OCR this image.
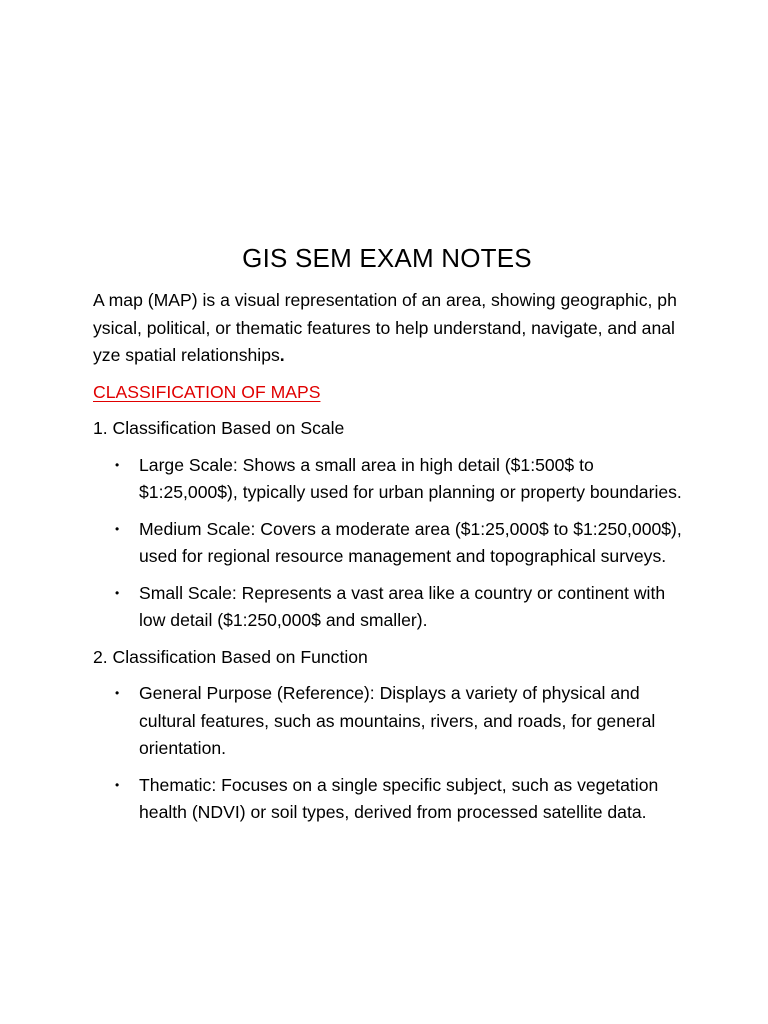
GIS SEM EXAM NOTES

A map (MAP) is a visual representation of an area, showing geographic, physical, political, or thematic features to help understand, navigate, and analyze spatial relationships.

CLASSIFICATION OF MAPS

1. Classification Based on Scale

• Large Scale: Shows a small area in high detail ($1:500$ to $1:25,000$), typically used for urban planning or property boundaries.
• Medium Scale: Covers a moderate area ($1:25,000$ to $1:250,000$), used for regional resource management and topographical surveys.
• Small Scale: Represents a vast area like a country or continent with low detail ($1:250,000$ and smaller).

2. Classification Based on Function

• General Purpose (Reference): Displays a variety of physical and cultural features, such as mountains, rivers, and roads, for general orientation.
• Thematic: Focuses on a single specific subject, such as vegetation health (NDVI) or soil types, derived from processed satellite data.
